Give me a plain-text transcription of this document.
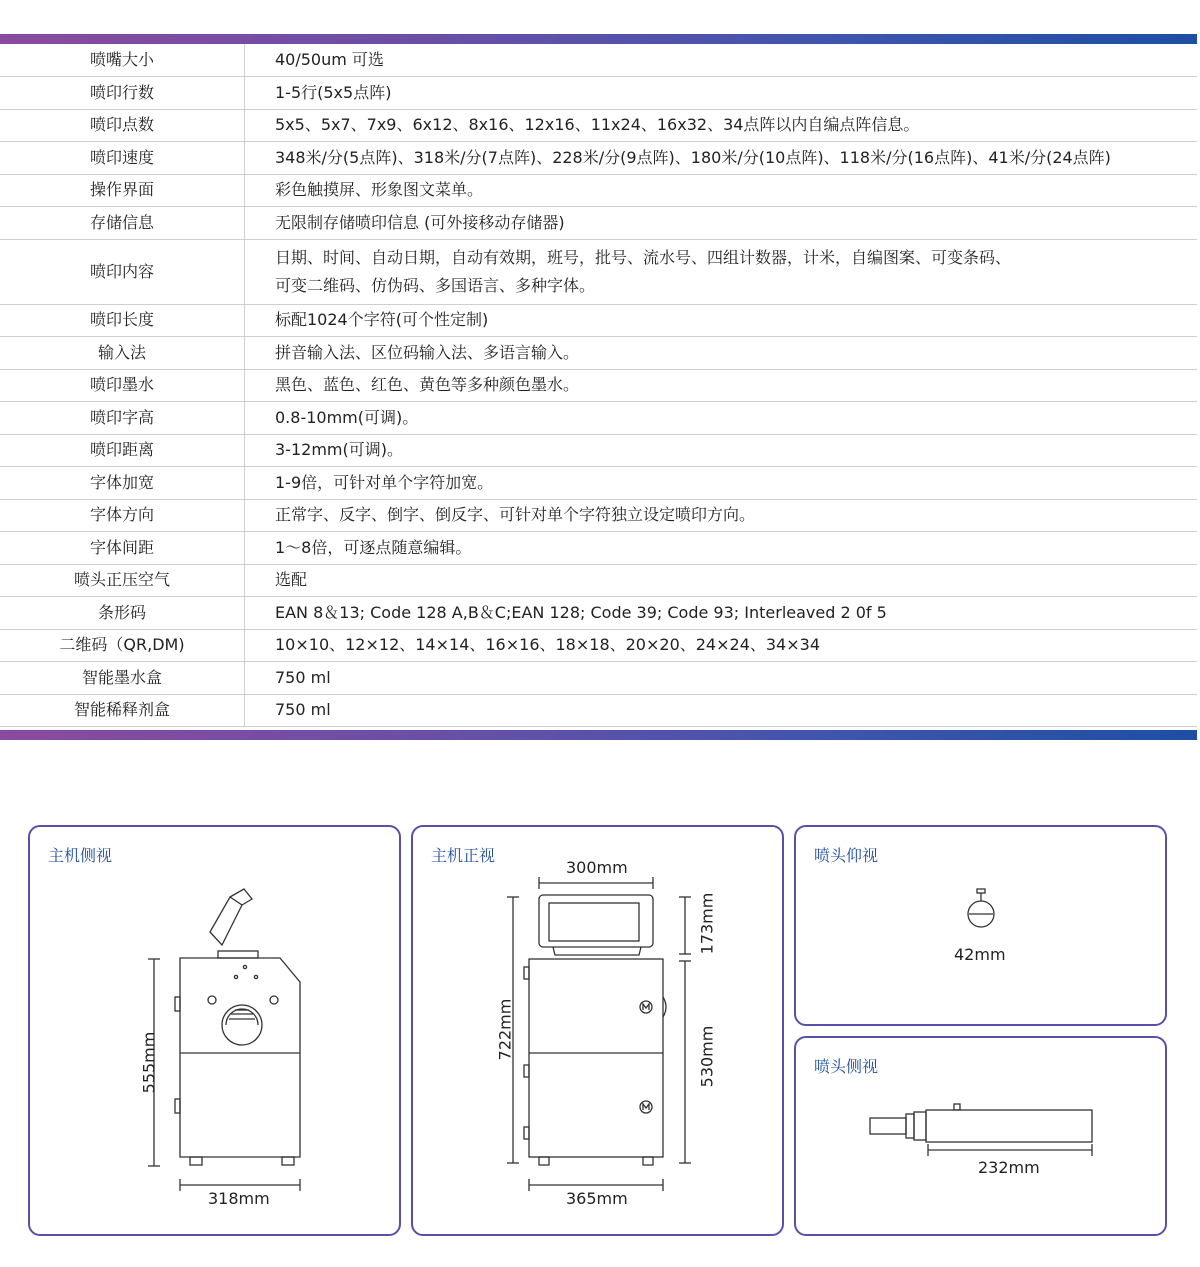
喷嘴大小	40/50um 可选
喷印行数	1-5行(5x5点阵)
喷印点数	5x5、5x7、7x9、6x12、8x16、12x16、11x24、16x32、34点阵以内自编点阵信息。
喷印速度	348米/分(5点阵)、318米/分(7点阵)、228米/分(9点阵)、180米/分(10点阵)、118米/分(16点阵)、41米/分(24点阵)
操作界面	彩色触摸屏、形象图文菜单。
存储信息	无限制存储喷印信息 (可外接移动存储器)
喷印内容	日期、时间、自动日期，自动有效期，班号，批号、流水号、四组计数器，计米，自编图案、可变条码、
可变二维码、仿伪码、多国语言、多种字体。

喷印长度	标配1024个字符(可个性定制)
输入法	拼音输入法、区位码输入法、多语言输入。
喷印墨水	黑色、蓝色、红色、黄色等多种颜色墨水。
喷印字高	0.8-10mm(可调)。
喷印距离	3-12mm(可调)。
字体加宽	1-9倍，可针对单个字符加宽。
字体方向	正常字、反字、倒字、倒反字、可针对单个字符独立设定喷印方向。
字体间距	1～8倍，可逐点随意编辑。
喷头正压空气	选配
条形码	EAN 8＆13; Code 128 A,B＆C;EAN 128; Code 39; Code 93; Interleaved 2 0f 5
二维码（QR,DM)	10×10、12×12、14×14、16×16、18×18、20×20、24×24、34×34
智能墨水盒	750 ml
智能稀释剂盒	750 ml
主机侧视
555mm
318mm
主机正视
300mm
722mm
173mm
530mm
365mm
喷头仰视
42mm
喷头侧视
232mm
